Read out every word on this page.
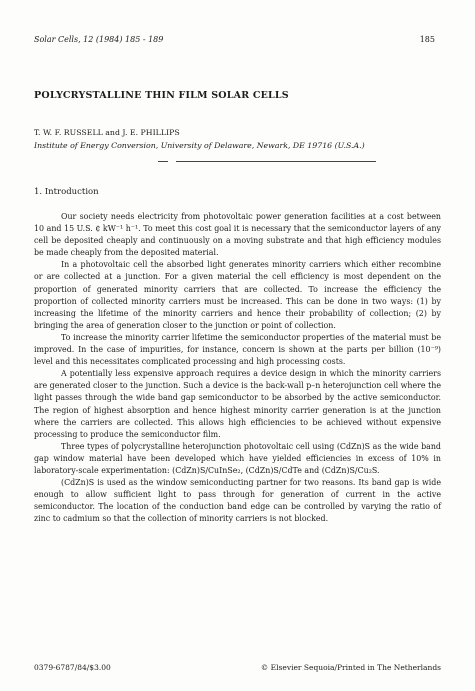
Solar Cells, 12 (1984) 185 - 189	185
POLYCRYSTALLINE THIN FILM SOLAR CELLS
T. W. F. RUSSELL and J. E. PHILLIPS
Institute of Energy Conversion, University of Delaware, Newark, DE 19716 (U.S.A.)
1. Introduction

Our society needs electricity from photovoltaic power generation facilities at a cost between 10 and 15 U.S. ¢ kW⁻¹ h⁻¹. To meet this cost goal it is necessary that the semiconductor layers of any cell be deposited cheaply and continuously on a moving substrate and that high efficiency modules be made cheaply from the deposited material.

In a photovoltaic cell the absorbed light generates minority carriers which either recombine or are collected at a junction. For a given material the cell efficiency is most dependent on the proportion of generated minority carriers that are collected. To increase the efficiency the proportion of collected minority carriers must be increased. This can be done in two ways: (1) by increasing the lifetime of the minority carriers and hence their probability of collection; (2) by bringing the area of generation closer to the junction or point of collection.

To increase the minority carrier lifetime the semiconductor properties of the material must be improved. In the case of impurities, for instance, concern is shown at the parts per billion (10⁻⁹) level and this necessitates complicated processing and high processing costs.

A potentially less expensive approach requires a device design in which the minority carriers are generated closer to the junction. Such a device is the back-wall p–n heterojunction cell where the light passes through the wide band gap semiconductor to be absorbed by the active semiconductor. The region of highest absorption and hence highest minority carrier generation is at the junction where the carriers are collected. This allows high efficiencies to be achieved without expensive processing to produce the semiconductor film.

Three types of polycrystalline heterojunction photovoltaic cell using (CdZn)S as the wide band gap window material have been developed which have yielded efficiencies in excess of 10% in laboratory-scale experimentation: (CdZn)S/CuInSe₂, (CdZn)S/CdTe and (CdZn)S/Cu₂S.

(CdZn)S is used as the window semiconducting partner for two reasons. Its band gap is wide enough to allow sufficient light to pass through for generation of current in the active semiconductor. The location of the conduction band edge can be controlled by varying the ratio of zinc to cadmium so that the collection of minority carriers is not blocked.

0379-6787/84/$3.00	© Elsevier Sequoia/Printed in The Netherlands
